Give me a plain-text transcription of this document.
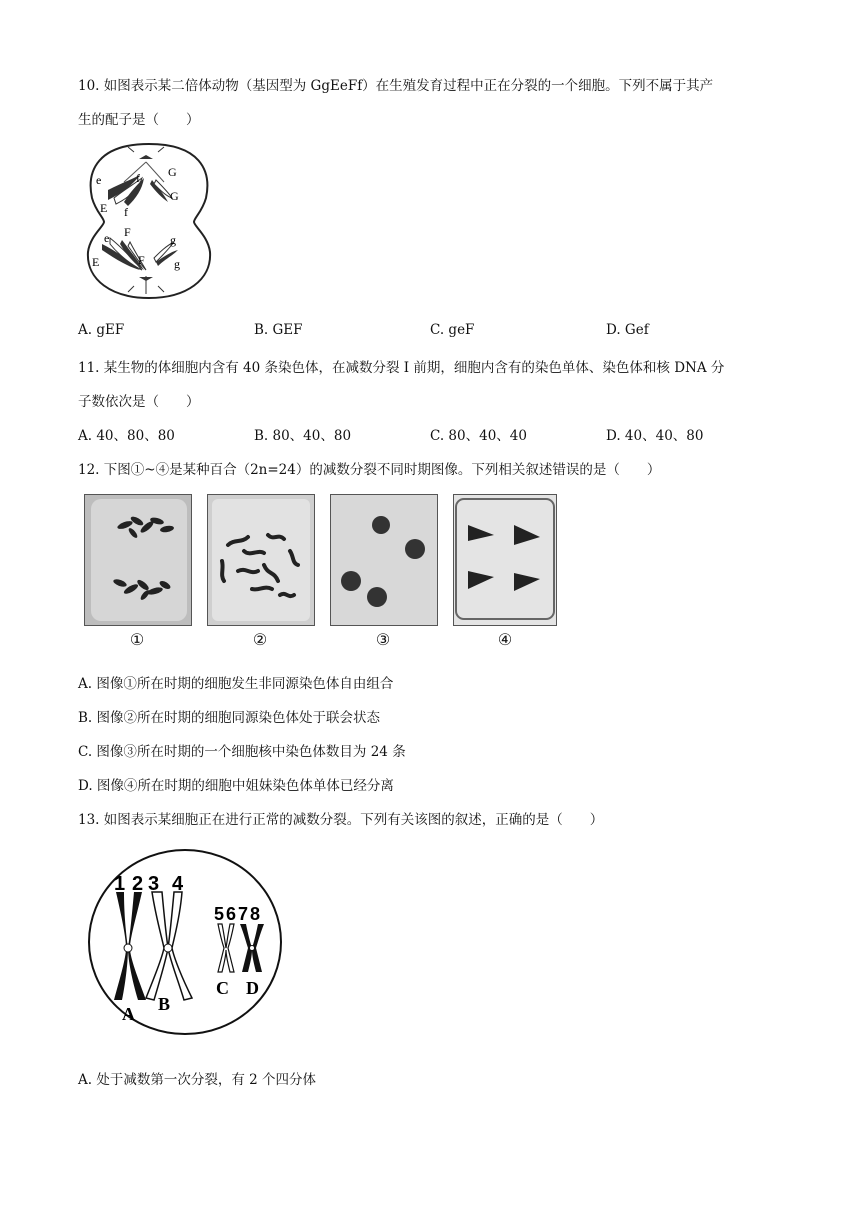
10. 如图表示某二倍体动物（基因型为 GgEeFf）在生殖发育过程中正在分裂的一个细胞。下列不属于其产
生的配子是（　　）
e
E
f
f
G
G
e
E
F
F
g
g
A. gEF	B. GEF	C. geF	D. Gef
11. 某生物的体细胞内含有 40 条染色体，在减数分裂 I 前期，细胞内含有的染色单体、染色体和核 DNA 分
子数依次是（　　）
A. 40、80、80	B. 80、40、80	C. 80、40、40	D. 40、40、80
12. 下图①~④是某种百合（2n=24）的减数分裂不同时期图像。下列相关叙述错误的是（　　）
①	②	③	④
A. 图像①所在时期的细胞发生非同源染色体自由组合
B. 图像②所在时期的细胞同源染色体处于联会状态
C. 图像③所在时期的一个细胞核中染色体数目为 24 条
D. 图像④所在时期的细胞中姐妹染色体单体已经分离
13. 如图表示某细胞正在进行正常的减数分裂。下列有关该图的叙述，正确的是（　　）
1 2 3 4
5 6 7 8
A B
C D
A. 处于减数第一次分裂，有 2 个四分体
